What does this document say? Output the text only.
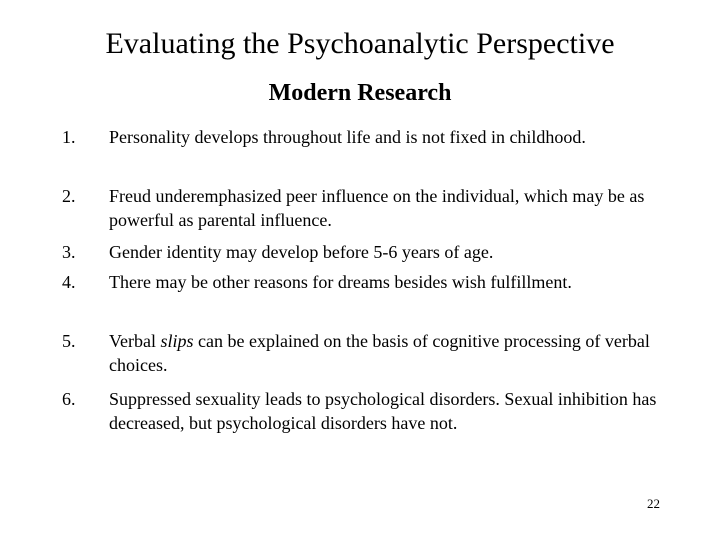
Evaluating the Psychoanalytic Perspective
Modern Research
1. Personality develops throughout life and is not fixed in childhood.
2. Freud underemphasized peer influence on the individual, which may be as powerful as parental influence.
3. Gender identity may develop before 5-6 years of age.
4. There may be other reasons for dreams besides wish fulfillment.
5. Verbal slips can be explained on the basis of cognitive processing of verbal choices.
6. Suppressed sexuality leads to psychological disorders. Sexual inhibition has decreased, but psychological disorders have not.
22
